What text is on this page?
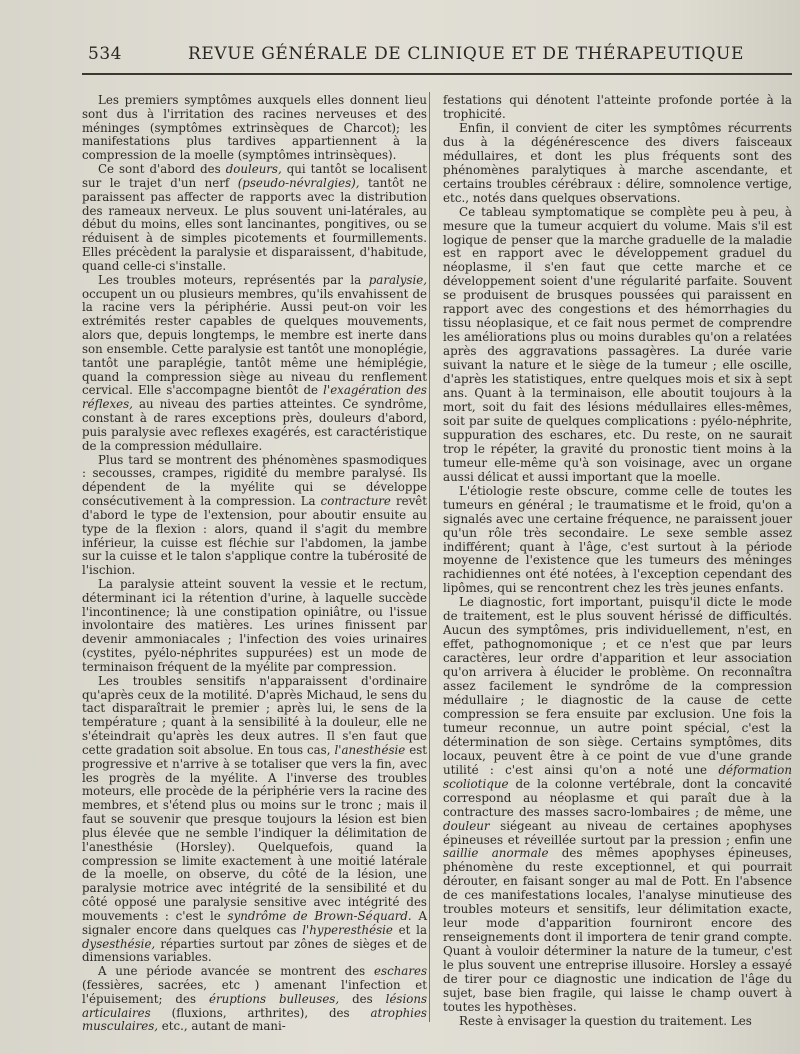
534	REVUE GÉNÉRALE DE CLINIQUE ET DE THÉRAPEUTIQUE

Les premiers symptômes auxquels elles donnent lieu sont dus à l'irritation des racines nerveuses et des méninges (symptômes extrinsèques de Charcot); les manifestations plus tardives appartiennent à la compression de la moelle (symptômes intrinsèques).

Ce sont d'abord des douleurs, qui tantôt se localisent sur le trajet d'un nerf (pseudo-névralgies), tantôt ne paraissent pas affecter de rapports avec la distribution des rameaux nerveux. Le plus souvent uni-latérales, au début du moins, elles sont lancinantes, pongitives, ou se réduisent à de simples picotements et fourmillements. Elles précèdent la paralysie et disparaissent, d'habitude, quand celle-ci s'installe.

Les troubles moteurs, représentés par la paralysie, occupent un ou plusieurs membres, qu'ils envahissent de la racine vers la périphérie. Aussi peut-on voir les extrémités rester capables de quelques mouvements, alors que, depuis longtemps, le membre est inerte dans son ensemble. Cette paralysie est tantôt une monoplégie, tantôt une paraplégie, tantôt même une hémiplégie, quand la compression siège au niveau du renflement cervical. Elle s'accompagne bientôt de l'exagération des réflexes, au niveau des parties atteintes. Ce syndrôme, constant à de rares exceptions près, douleurs d'abord, puis paralysie avec reflexes exagérés, est caractéristique de la compression médullaire.

Plus tard se montrent des phénomènes spasmodiques : secousses, crampes, rigidité du membre paralysé. Ils dépendent de la myélite qui se développe consécutivement à la compression. La contracture revêt d'abord le type de l'extension, pour aboutir ensuite au type de la flexion : alors, quand il s'agit du membre inférieur, la cuisse est fléchie sur l'abdomen, la jambe sur la cuisse et le talon s'applique contre la tubérosité de l'ischion.

La paralysie atteint souvent la vessie et le rectum, déterminant ici la rétention d'urine, à laquelle succède l'incontinence; là une constipation opiniâtre, ou l'issue involontaire des matières. Les urines finissent par devenir ammoniacales ; l'infection des voies urinaires (cystites, pyélo-néphrites suppurées) est un mode de terminaison fréquent de la myélite par compression.

Les troubles sensitifs n'apparaissent d'ordinaire qu'après ceux de la motilité. D'après Michaud, le sens du tact disparaîtrait le premier ; après lui, le sens de la température ; quant à la sensibilité à la douleur, elle ne s'éteindrait qu'après les deux autres. Il s'en faut que cette gradation soit absolue. En tous cas, l'anesthésie est progressive et n'arrive à se totaliser que vers la fin, avec les progrès de la myélite. A l'inverse des troubles moteurs, elle procède de la périphérie vers la racine des membres, et s'étend plus ou moins sur le tronc ; mais il faut se souvenir que presque toujours la lésion est bien plus élevée que ne semble l'indiquer la délimitation de l'anesthésie (Horsley). Quelquefois, quand la compression se limite exactement à une moitié latérale de la moelle, on observe, du côté de la lésion, une paralysie motrice avec intégrité de la sensibilité et du côté opposé une paralysie sensitive avec intégrité des mouvements : c'est le syndrôme de Brown-Séquard. A signaler encore dans quelques cas l'hyperesthésie et la dysesthésie, réparties surtout par zônes de sièges et de dimensions variables.

A une période avancée se montrent des eschares (fessières, sacrées, etc ) amenant l'infection et l'épuisement; des éruptions bulleuses, des lésions articulaires (fluxions, arthrites), des atrophies musculaires, etc., autant de mani-

festations qui dénotent l'atteinte profonde portée à la trophicité.

Enfin, il convient de citer les symptômes récurrents dus à la dégénérescence des divers faisceaux médullaires, et dont les plus fréquents sont des phénomènes paralytiques à marche ascendante, et certains troubles cérébraux : délire, somnolence vertige, etc., notés dans quelques observations.

Ce tableau symptomatique se complète peu à peu, à mesure que la tumeur acquiert du volume. Mais s'il est logique de penser que la marche graduelle de la maladie est en rapport avec le développement graduel du néoplasme, il s'en faut que cette marche et ce développement soient d'une régularité parfaite. Souvent se produisent de brusques poussées qui paraissent en rapport avec des congestions et des hémorrhagies du tissu néoplasique, et ce fait nous permet de comprendre les améliorations plus ou moins durables qu'on a relatées après des aggravations passagères. La durée varie suivant la nature et le siège de la tumeur ; elle oscille, d'après les statistiques, entre quelques mois et six à sept ans. Quant à la terminaison, elle aboutit toujours à la mort, soit du fait des lésions médullaires elles-mêmes, soit par suite de quelques complications : pyélo-néphrite, suppuration des eschares, etc. Du reste, on ne saurait trop le répéter, la gravité du pronostic tient moins à la tumeur elle-même qu'à son voisinage, avec un organe aussi délicat et aussi important que la moelle.

L'étiologie reste obscure, comme celle de toutes les tumeurs en général ; le traumatisme et le froid, qu'on a signalés avec une certaine fréquence, ne paraissent jouer qu'un rôle très secondaire. Le sexe semble assez indifférent; quant à l'âge, c'est surtout à la période moyenne de l'existence que les tumeurs des méninges rachidiennes ont été notées, à l'exception cependant des lipômes, qui se rencontrent chez les très jeunes enfants.

Le diagnostic, fort important, puisqu'il dicte le mode de traitement, est le plus souvent hérissé de difficultés. Aucun des symptômes, pris individuellement, n'est, en effet, pathognomonique ; et ce n'est que par leurs caractères, leur ordre d'apparition et leur association qu'on arrivera à élucider le problème. On reconnaîtra assez facilement le syndrôme de la compression médullaire ; le diagnostic de la cause de cette compression se fera ensuite par exclusion. Une fois la tumeur reconnue, un autre point spécial, c'est la détermination de son siège. Certains symptômes, dits locaux, peuvent être à ce point de vue d'une grande utilité : c'est ainsi qu'on a noté une déformation scoliotique de la colonne vertébrale, dont la concavité correspond au néoplasme et qui paraît due à la contracture des masses sacro-lombaires ; de même, une douleur siégeant au niveau de certaines apophyses épineuses et réveillée surtout par la pression ; enfin une saillie anormale des mêmes apophyses épineuses, phénomène du reste exceptionnel, et qui pourrait dérouter, en faisant songer au mal de Pott. En l'absence de ces manifestations locales, l'analyse minutieuse des troubles moteurs et sensitifs, leur délimitation exacte, leur mode d'apparition fourniront encore des renseignements dont il importera de tenir grand compte. Quant à vouloir déterminer la nature de la tumeur, c'est le plus souvent une entreprise illusoire. Horsley a essayé de tirer pour ce diagnostic une indication de l'âge du sujet, base bien fragile, qui laisse le champ ouvert à toutes les hypothèses.

Reste à envisager la question du traitement. Les
